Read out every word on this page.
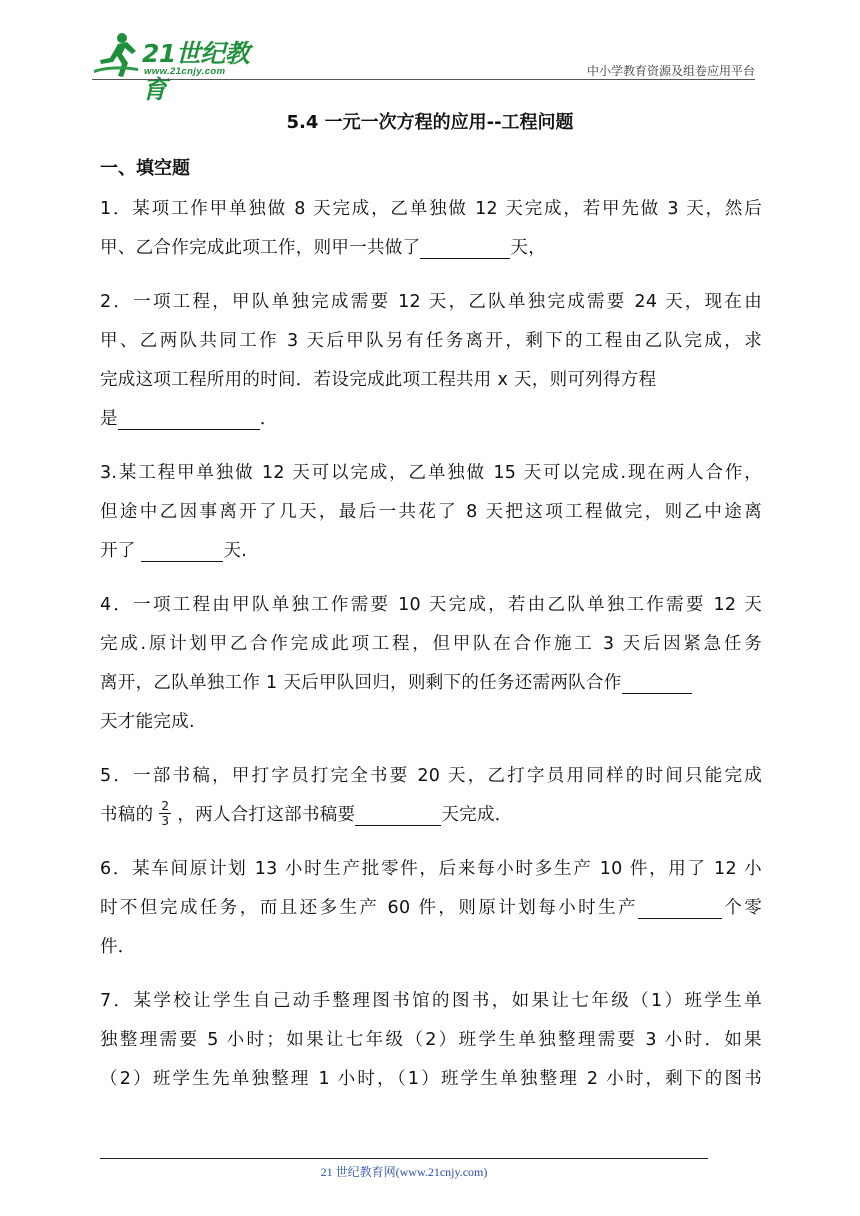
21世纪教育
www.21cnjy.com	中小学教育资源及组卷应用平台
5.4 一元一次方程的应用--工程问题
一、填空题
1．某项工作甲单独做 8 天完成，乙单独做 12 天完成，若甲先做 3 天，然后
甲、乙合作完成此项工作，则甲一共做了	天，
2．一项工程，甲队单独完成需要 12 天，乙队单独完成需要 24 天，现在由
甲、乙两队共同工作 3 天后甲队另有任务离开，剩下的工程由乙队完成，求
完成这项工程所用的时间．若设完成此项工程共用 x 天，则可列得方程
是	．
3.某工程甲单独做 12 天可以完成，乙单独做 15 天可以完成.现在两人合作，
但途中乙因事离开了几天，最后一共花了 8 天把这项工程做完，则乙中途离
开了	天.
4．一项工程由甲队单独工作需要 10 天完成，若由乙队单独工作需要 12 天
完成.原计划甲乙合作完成此项工程，但甲队在合作施工 3 天后因紧急任务
离开，乙队单独工作 1 天后甲队回归，则剩下的任务还需两队合作
天才能完成.
5．一部书稿，甲打字员打完全书要 20 天，乙打字员用同样的时间只能完成
书稿的 $\frac{2}{3}$ ，两人合打这部书稿要	天完成．
6．某车间原计划 13 小时生产批零件，后来每小时多生产 10 件，用了 12 小
时不但完成任务，而且还多生产 60 件，则原计划每小时生产	个零
件．
7．某学校让学生自己动手整理图书馆的图书，如果让七年级（1）班学生单
独整理需要 5 小时；如果让七年级（2）班学生单独整理需要 3 小时．如果
（2）班学生先单独整理 1 小时，（1）班学生单独整理 2 小时，剩下的图书
21 世纪教育网(www.21cnjy.com)
